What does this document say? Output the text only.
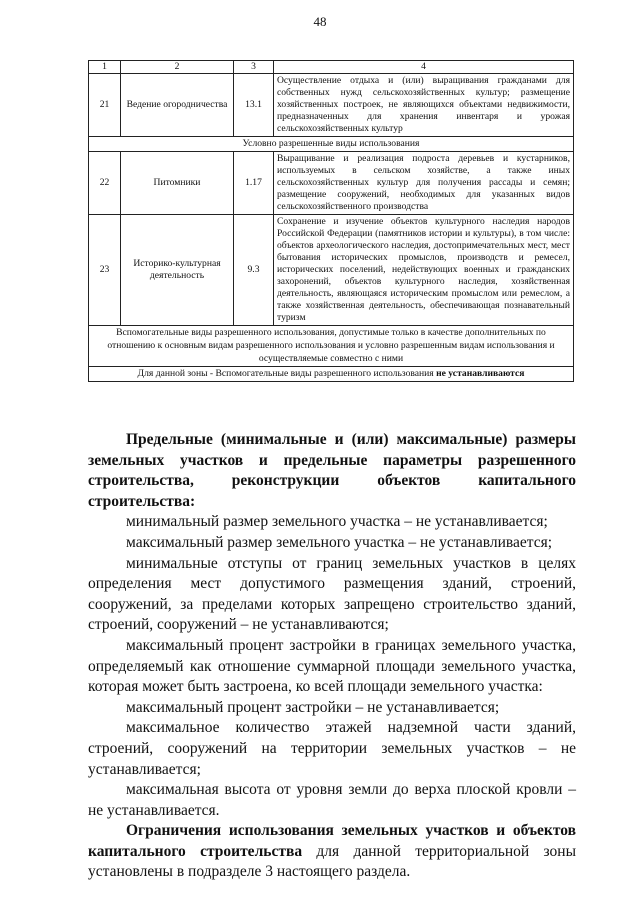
48
1	2	3	4
21	Ведение огородничества	13.1	Осуществление отдыха и (или) выращивания гражданами для собственных нужд сельскохозяйственных культур; размещение хозяйственных построек, не являющихся объектами недвижимости, предназначенных для хранения инвентаря и урожая сельскохозяйственных культур
Условно разрешенные виды использования			
22	Питомники	1.17	Выращивание и реализация подроста деревьев и кустарников, используемых в сельском хозяйстве, а также иных сельскохозяйственных культур для получения рассады и семян; размещение сооружений, необходимых для указанных видов сельскохозяйственного производства
23	Историко-культурная деятельность	9.3	Сохранение и изучение объектов культурного наследия народов Российской Федерации (памятников истории и культуры), в том числе: объектов археологического наследия, достопримечательных мест, мест бытования исторических промыслов, производств и ремесел, исторических поселений, недействующих военных и гражданских захоронений, объектов культурного наследия, хозяйственная деятельность, являющаяся историческим промыслом или ремеслом, а также хозяйственная деятельность, обеспечивающая познавательный туризм
Вспомогательные виды разрешенного использования, допустимые только в качестве дополнительных по отношению к основным видам разрешенного использования и условно разрешенным видам использования и осуществляемые совместно с ними			
Для данной зоны - Вспомогательные виды разрешенного использования не устанавливаются			

Предельные (минимальные и (или) максимальные) размеры земельных участков и предельные параметры разрешенного строительства, реконструкции объектов капитального строительства:

минимальный размер земельного участка – не устанавливается;

максимальный размер земельного участка – не устанавливается;

минимальные отступы от границ земельных участков в целях определения мест допустимого размещения зданий, строений, сооружений, за пределами которых запрещено строительство зданий, строений, сооружений – не устанавливаются;

максимальный процент застройки в границах земельного участка, определяемый как отношение суммарной площади земельного участка, которая может быть застроена, ко всей площади земельного участка:

максимальный процент застройки – не устанавливается;

максимальное количество этажей надземной части зданий, строений, сооружений на территории земельных участков – не устанавливается;

максимальная высота от уровня земли до верха плоской кровли – не устанавливается.

Ограничения использования земельных участков и объектов капитального строительства для данной территориальной зоны установлены в подразделе 3 настоящего раздела.
